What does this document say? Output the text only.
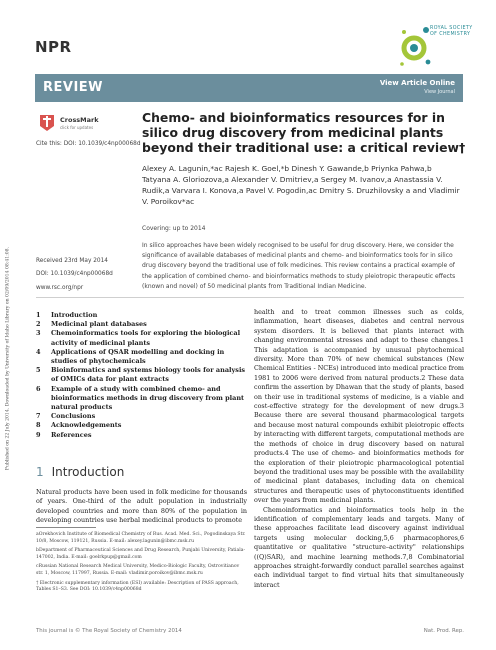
Published on 22 July 2014. Downloaded by University of Idaho Library on 02/09/2014 08:41:08.
NPR
ROYAL SOCIETY
OF CHEMISTRY
REVIEW	View Article Online
View Journal
CrossMark
click for updates
Cite this: DOI: 10.1039/c4np00068d
Chemo- and bioinformatics resources for in silico drug discovery from medicinal plants beyond their traditional use: a critical review†
Alexey A. Lagunin,*ac Rajesh K. Goel,*b Dinesh Y. Gawande,b Priynka Pahwa,b Tatyana A. Gloriozova,a Alexander V. Dmitriev,a Sergey M. Ivanov,a Anastassia V. Rudik,a Varvara I. Konova,a Pavel V. Pogodin,ac Dmitry S. Druzhilovsky a and Vladimir V. Poroikov*ac
Covering: up to 2014
In silico approaches have been widely recognised to be useful for drug discovery. Here, we consider the significance of available databases of medicinal plants and chemo- and bioinformatics tools for in silico drug discovery beyond the traditional use of folk medicines. This review contains a practical example of the application of combined chemo- and bioinformatics methods to study pleiotropic therapeutic effects (known and novel) of 50 medicinal plants from Traditional Indian Medicine.
Received 23rd May 2014
DOI: 10.1039/c4np00068d
www.rsc.org/npr
1 Introduction
2 Medicinal plant databases
3 Chemoinformatics tools for exploring the biological activity of medicinal plants
4 Applications of QSAR modelling and docking in studies of phytochemicals
5 Bioinformatics and systems biology tools for analysis of OMICs data for plant extracts
6 Example of a study with combined chemo- and bioinformatics methods in drug discovery from plant natural products
7 Conclusions
8 Acknowledgements
9 References
1 Introduction
Natural products have been used in folk medicine for thousands of years. One-third of the adult population in industrially developed countries and more than 80% of the population in developing countries use herbal medicinal products to promote

aOrekhovich Institute of Biomedical Chemistry of Rus. Acad. Med. Sci., Pogodinskaya Str. 10/8, Moscow, 119121, Russia. E-mail: alexey.lagunin@ibmc.msk.ru

bDepartment of Pharmaceutical Sciences and Drug Research, Punjabi University, Patiala-147002, India. E-mail: goelrkpup@gmail.com

cRussian National Research Medical University, Medico-Biologic Faculty, Ostrovitianov str. 1, Moscow, 117997, Russia. E-mail: vladimir.poroikov@ibmc.msk.ru

† Electronic supplementary information (ESI) available: Description of PASS approach, Tables S1–S3. See DOI: 10.1039/c4np00068d

health and to treat common illnesses such as colds, inflammation, heart diseases, diabetes and central nervous system disorders. It is believed that plants interact with changing environmental stresses and adapt to these changes.1 This adaptation is accompanied by unusual phytochemical diversity. More than 70% of new chemical substances (New Chemical Entities - NCEs) introduced into medical practice from 1981 to 2006 were derived from natural products.2 These data confirm the assertion by Dhawan that the study of plants, based on their use in traditional systems of medicine, is a viable and cost-effective strategy for the development of new drugs.3 Because there are several thousand pharmacological targets and because most natural compounds exhibit pleiotropic effects by interacting with different targets, computational methods are the methods of choice in drug discovery based on natural products.4 The use of chemo- and bioinformatics methods for the exploration of their pleiotropic pharmacological potential beyond the traditional uses may be possible with the availability of medicinal plant databases, including data on chemical structures and therapeutic uses of phytoconstituents identified over the years from medicinal plants.

Chemoinformatics and bioinformatics tools help in the identification of complementary leads and targets. Many of these approaches facilitate lead discovery against individual targets using molecular docking,5,6 pharmacophores,6 quantitative or qualitative "structure–activity" relationships ((Q)SAR), and machine learning methods.7,8 Combinatorial approaches straight-forwardly conduct parallel searches against each individual target to find virtual hits that simultaneously interact

This journal is © The Royal Society of Chemistry 2014	Nat. Prod. Rep.
